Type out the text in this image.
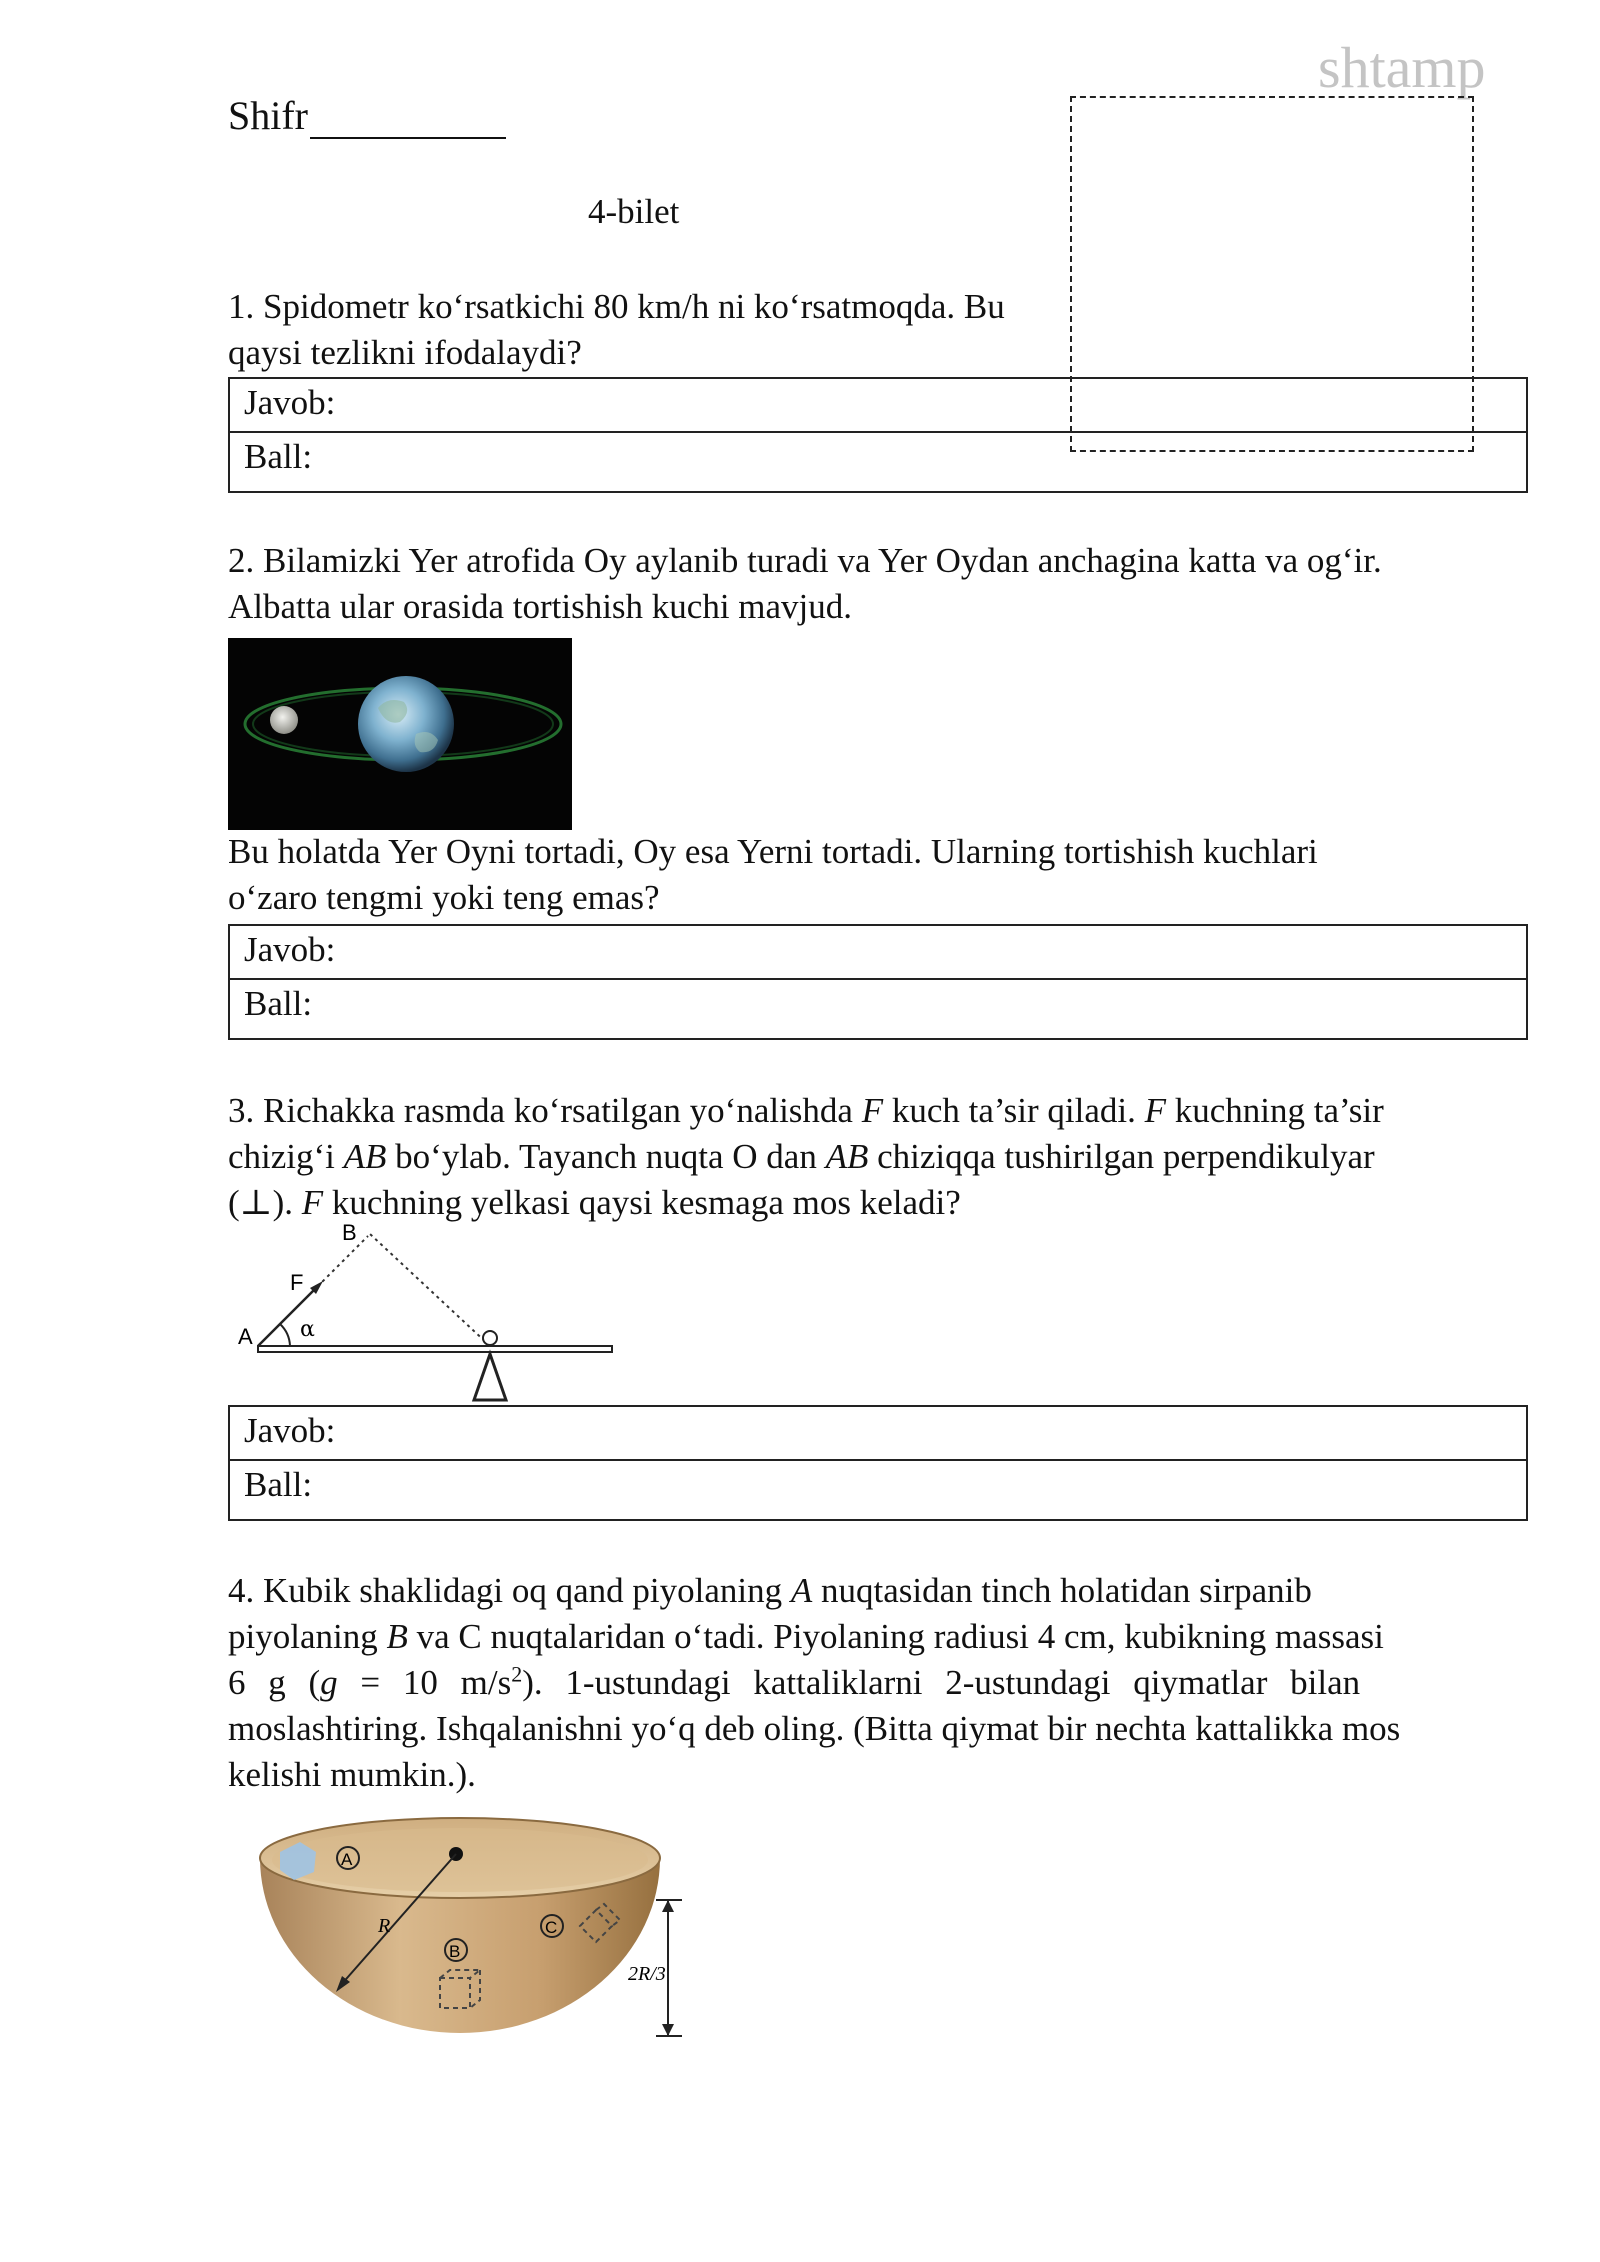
Shifr
shtamp
4-bilet
1. Spidometr ko‘rsatkichi 80 km/h ni ko‘rsatmoqda. Bu
qaysi tezlikni ifodalaydi?
Javob:
Ball:
2. Bilamizki Yer atrofida Oy aylanib turadi va Yer Oydan anchagina katta va og‘ir.
Albatta ular orasida tortishish kuchi mavjud.
Bu holatda Yer Oyni tortadi, Oy esa Yerni tortadi. Ularning tortishish kuchlari
o‘zaro tengmi yoki teng emas?
Javob:
Ball:
3. Richakka rasmda ko‘rsatilgan yo‘nalishda F kuch ta’sir qiladi. F kuchning ta’sir
chizig‘i AB bo‘ylab. Tayanch nuqta O dan AB chiziqqa tushirilgan perpendikulyar
(⊥). F kuchning yelkasi qaysi kesmaga mos keladi?
A
B
F
α
Javob:
Ball:
4. Kubik shaklidagi oq qand piyolaning A nuqtasidan tinch holatidan sirpanib
piyolaning B va C nuqtalaridan o‘tadi. Piyolaning radiusi 4 cm, kubikning massasi
6 g (g = 10 $m/s^2$). 1-ustundagi kattaliklarni 2-ustundagi qiymatlar bilan
moslashtiring. Ishqalanishni yo‘q deb oling. (Bitta qiymat bir nechta kattalikka mos
kelishi mumkin.).
A
B
C
R
2R/3
